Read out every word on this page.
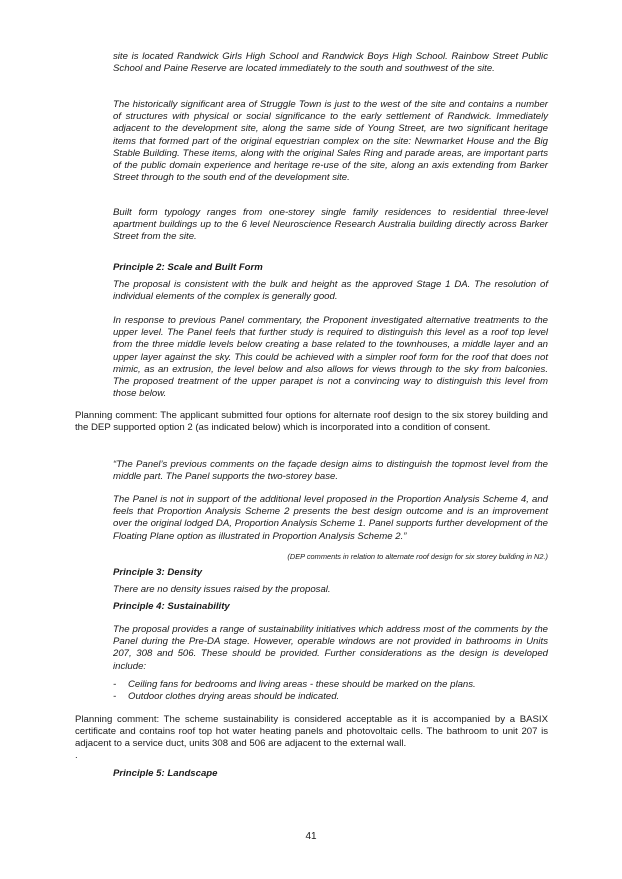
site is located Randwick Girls High School and Randwick Boys High School. Rainbow Street Public School and Paine Reserve are located immediately to the south and southwest of the site.

The historically significant area of Struggle Town is just to the west of the site and contains a number of structures with physical or social significance to the early settlement of Randwick. Immediately adjacent to the development site, along the same side of Young Street, are two significant heritage items that formed part of the original equestrian complex on the site: Newmarket House and the Big Stable Building. These items, along with the original Sales Ring and parade areas, are important parts of the public domain experience and heritage re-use of the site, along an axis extending from Barker Street through to the south end of the development site.

Built form typology ranges from one-storey single family residences to residential three-level apartment buildings up to the 6 level Neuroscience Research Australia building directly across Barker Street from the site.

Principle 2: Scale and Built Form

The proposal is consistent with the bulk and height as the approved Stage 1 DA. The resolution of individual elements of the complex is generally good.

In response to previous Panel commentary, the Proponent investigated alternative treatments to the upper level. The Panel feels that further study is required to distinguish this level as a roof top level from the three middle levels below creating a base related to the townhouses, a middle layer and an upper layer against the sky. This could be achieved with a simpler roof form for the roof that does not mimic, as an extrusion, the level below and also allows for views through to the sky from balconies. The proposed treatment of the upper parapet is not a convincing way to distinguish this level from those below.

Planning comment: The applicant submitted four options for alternate roof design to the six storey building and the DEP supported option 2 (as indicated below) which is incorporated into a condition of consent.

“The Panel’s previous comments on the façade design aims to distinguish the topmost level from the middle part. The Panel supports the two-storey base.

The Panel is not in support of the additional level proposed in the Proportion Analysis Scheme 4, and feels that Proportion Analysis Scheme 2 presents the best design outcome and is an improvement over the original lodged DA, Proportion Analysis Scheme 1. Panel supports further development of the Floating Plane option as illustrated in Proportion Analysis Scheme 2.”

(DEP comments in relation to alternate roof design for six storey building in N2.)

Principle 3: Density

There are no density issues raised by the proposal.

Principle 4: Sustainability

The proposal provides a range of sustainability initiatives which address most of the comments by the Panel during the Pre-DA stage. However, operable windows are not provided in bathrooms in Units 207, 308 and 506. These should be provided. Further considerations as the design is developed include:

- Ceiling fans for bedrooms and living areas - these should be marked on the plans.
- Outdoor clothes drying areas should be indicated.

Planning comment: The scheme sustainability is considered acceptable as it is accompanied by a BASIX certificate and contains roof top hot water heating panels and photovoltaic cells. The bathroom to unit 207 is adjacent to a service duct, units 308 and 506 are adjacent to the external wall.

.

Principle 5: Landscape

41
